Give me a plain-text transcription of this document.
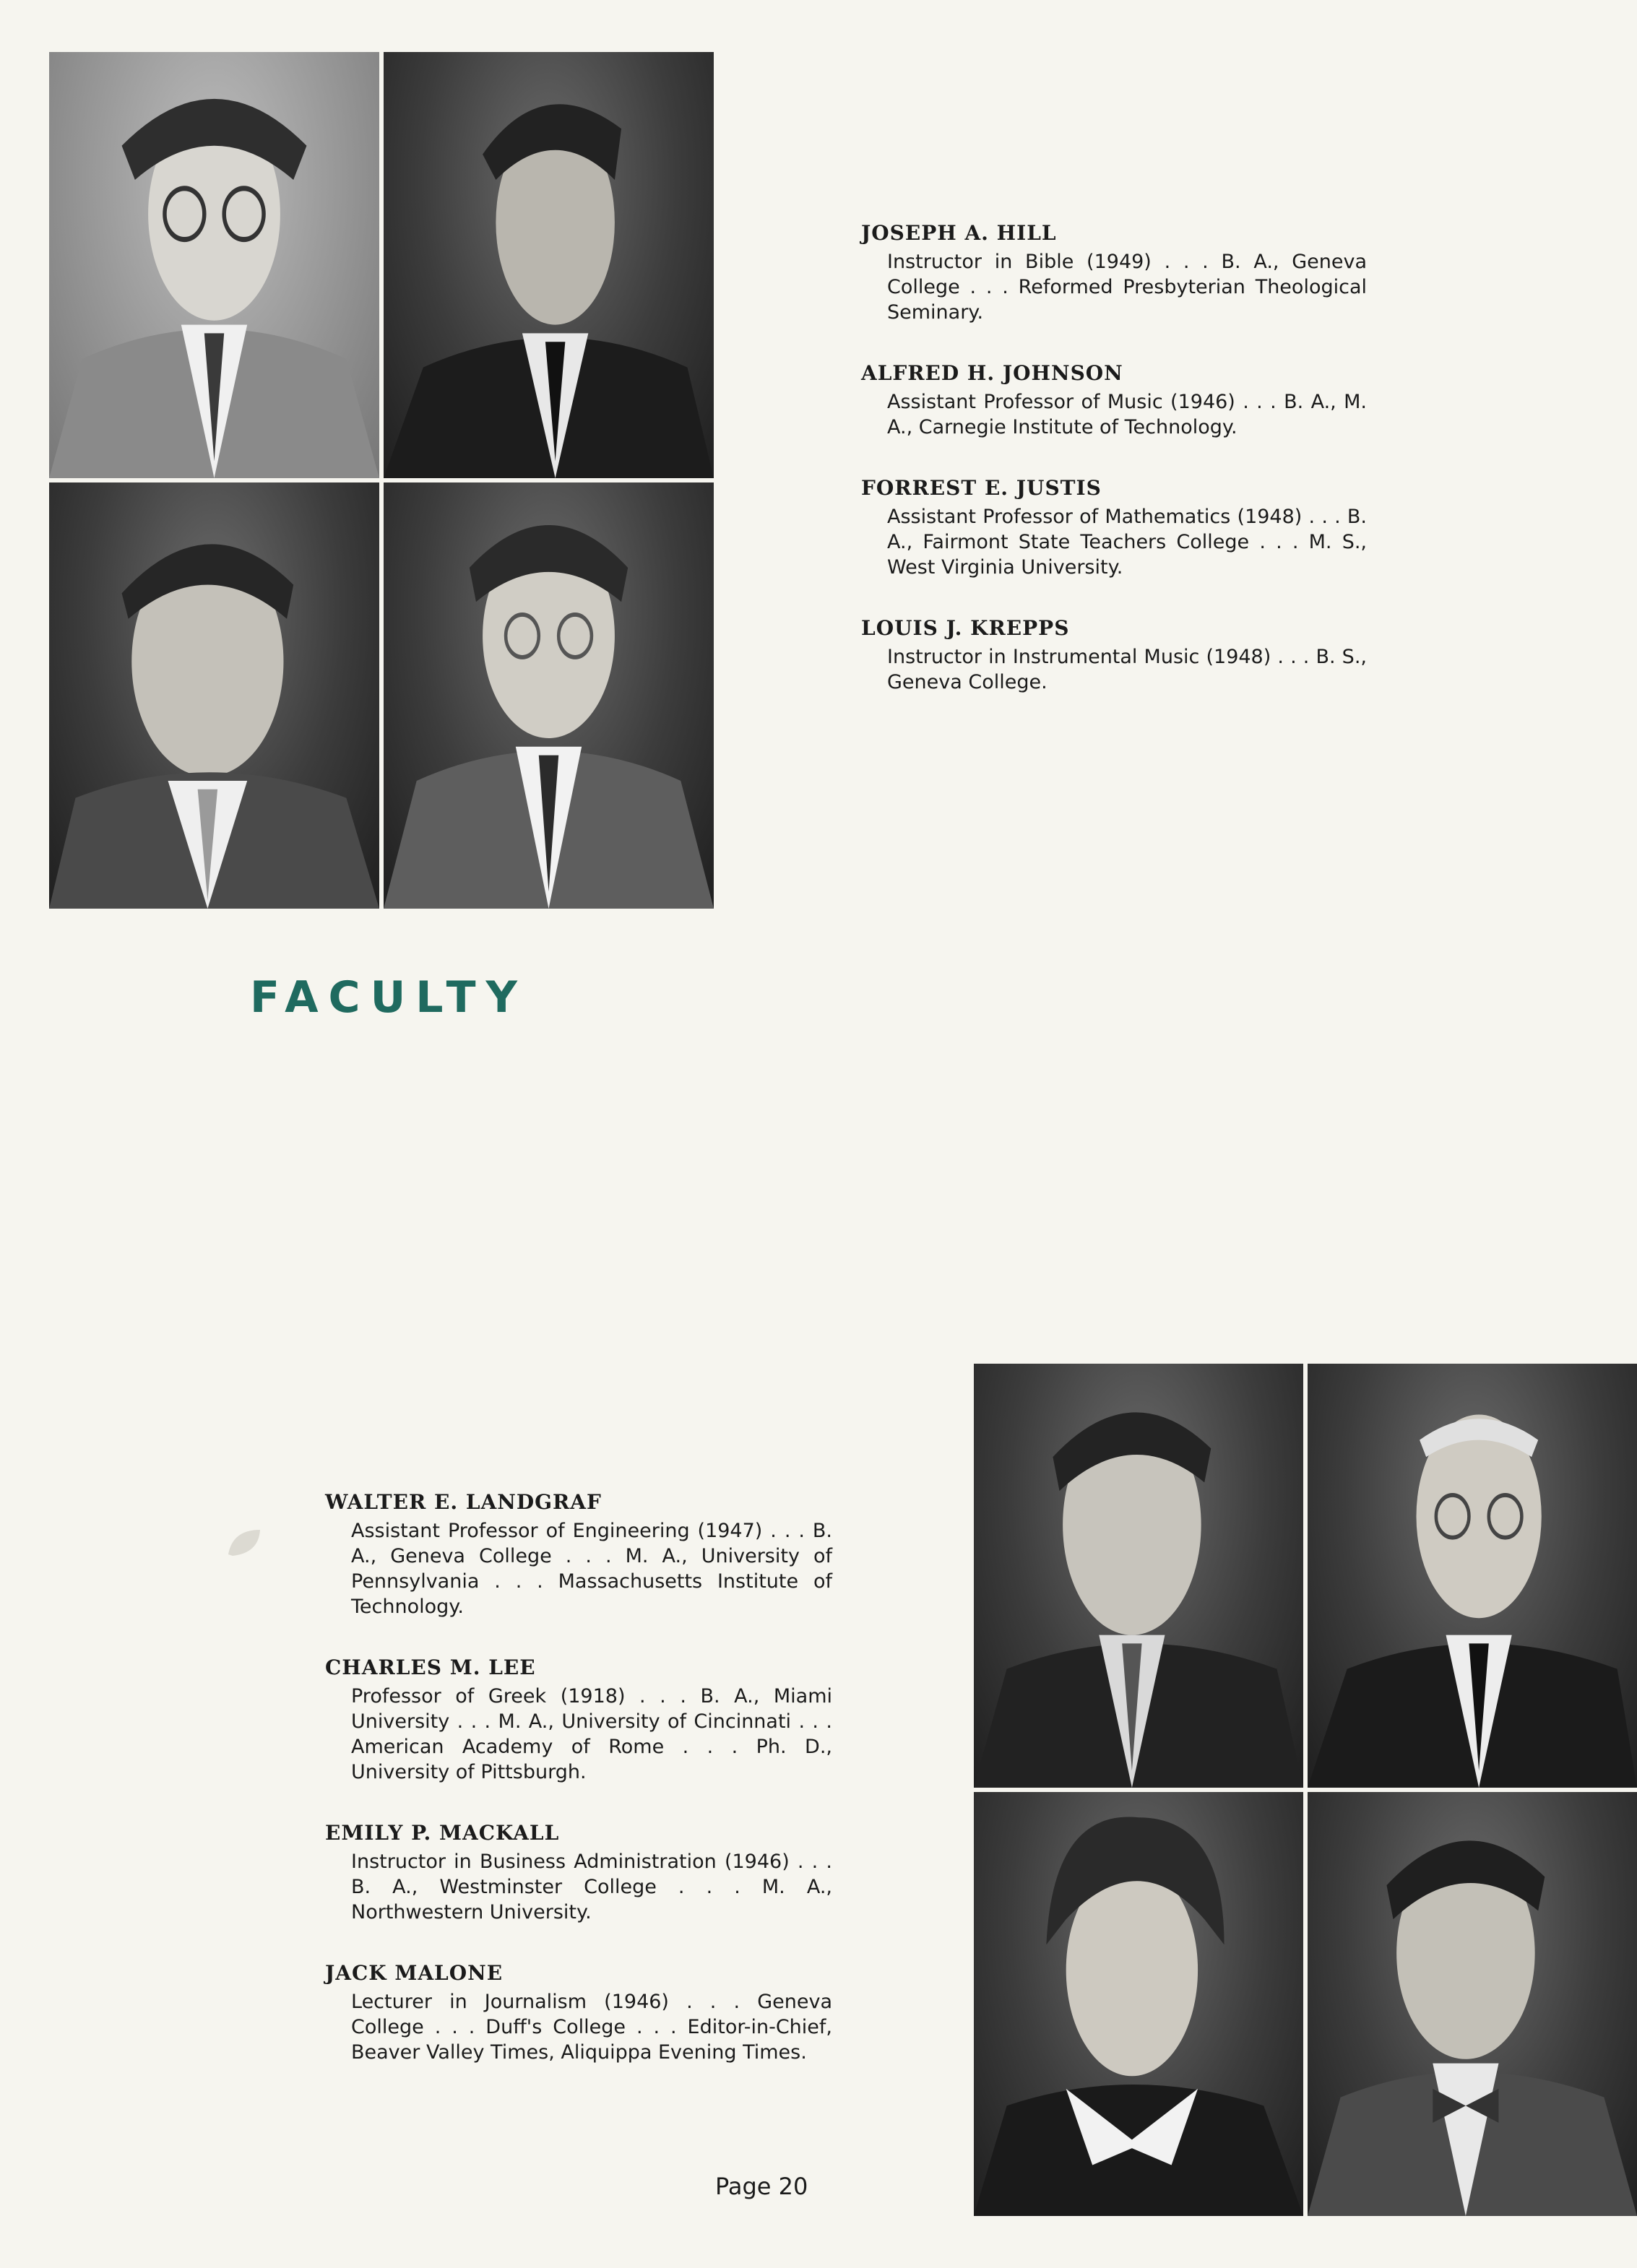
JOSEPH A. HILL
Instructor in Bible (1949) . . . B. A., Geneva College . . . Reformed Presbyterian Theological Seminary.
ALFRED H. JOHNSON
Assistant Professor of Music (1946) . . . B. A., M. A., Carnegie Institute of Technology.
FORREST E. JUSTIS
Assistant Professor of Mathematics (1948) . . . B. A., Fairmont State Teachers College . . . M. S., West Virginia University.
LOUIS J. KREPPS
Instructor in Instrumental Music (1948) . . . B. S., Geneva College.
FACULTY
WALTER E. LANDGRAF
Assistant Professor of Engineering (1947) . . . B. A., Geneva College . . . M. A., University of Pennsylvania . . . Massachusetts Institute of Technology.
CHARLES M. LEE
Professor of Greek (1918) . . . B. A., Miami University . . . M. A., University of Cincinnati . . . American Academy of Rome . . . Ph. D., University of Pittsburgh.
EMILY P. MACKALL
Instructor in Business Administration (1946) . . . B. A., Westminster College . . . M. A., Northwestern University.
JACK MALONE
Lecturer in Journalism (1946) . . . Geneva College . . . Duff's College . . . Editor-in-Chief, Beaver Valley Times, Aliquippa Evening Times.
Page 20
